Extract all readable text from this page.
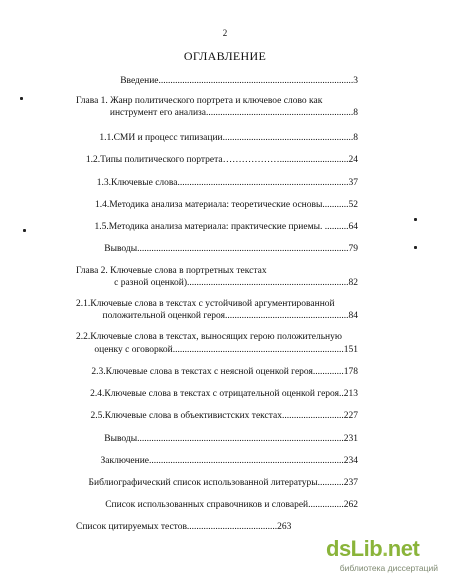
2
ОГЛАВЛЕНИЕ
Введение..................................................................................3
Глава 1. Жанр политического портрета и ключевое слово как
инструмент его анализа..............................................................8
1.1.СМИ и процесс типизации.......................................................8
1.2.Типы политического портрета……………….............................24
1.3.Ключевые слова........................................................................37
1.4.Методика анализа материала: теоретические основы...........52
1.5.Методика анализа материала: практические приемы. ..........64
Выводы.........................................................................................79
Глава 2. Ключевые слова в портретных текстах
с разной оценкой)....................................................................82
2.1.Ключевые слова в текстах с устойчивой аргументированной
положительной оценкой героя....................................................84
2.2.Ключевые слова в текстах, выносящих герою положительную
оценку с оговоркой........................................................................151
2.3.Ключевые слова в текстах с неясной оценкой героя.............178
2.4.Ключевые слова в текстах с отрицательной оценкой героя..213
2.5.Ключевые слова в объективистских текстах..........................227
Выводы.......................................................................................231
Заключение..................................................................................234
Библиографический список использованной литературы...........237
Список использованных справочников и словарей...............262
Список цитируемых тестов......................................263
dsLib.net
библиотека диссертаций
